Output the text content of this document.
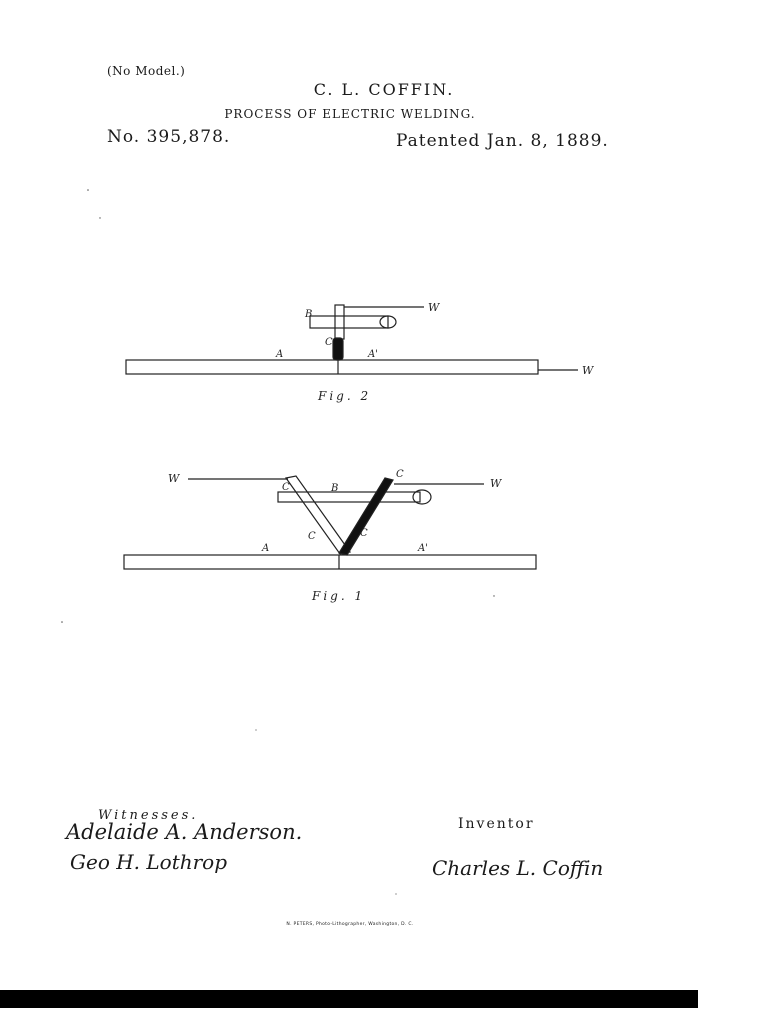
(No Model.)
C. L. COFFIN.
PROCESS OF ELECTRIC WELDING.
No. 395,878.	Patented Jan. 8, 1889.
W
W
B
C
A	A'
Fig. 2
W	W
C
C	B
C	C
A	A'
Fig. 1
Witnesses.
Adelaide A. Anderson.
Geo H. Lothrop
Inventor
Charles L. Coffin
N. PETERS, Photo-Lithographer, Washington, D. C.
